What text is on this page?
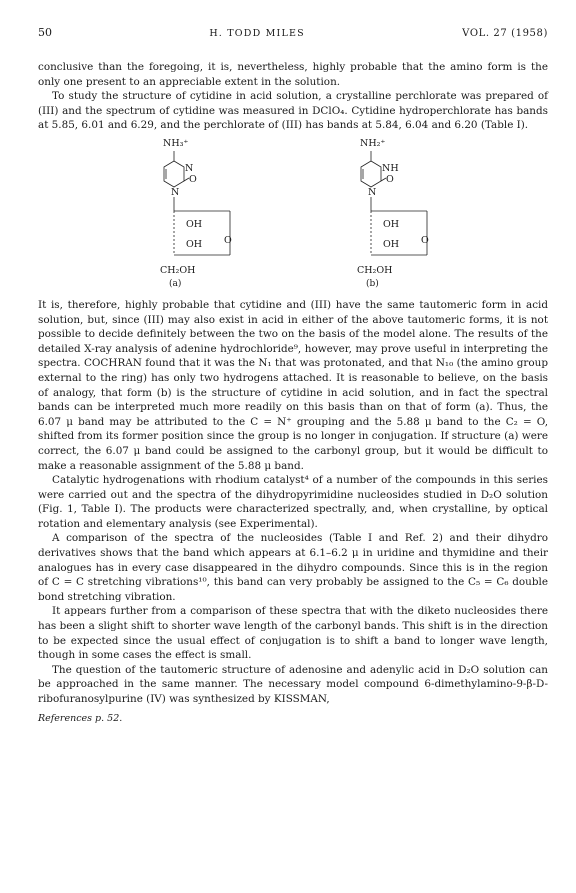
50	H. TODD MILES	VOL. 27 (1958)

conclusive than the foregoing, it is, nevertheless, highly probable that the amino form is the only one present to an appreciable extent in the solution.

To study the structure of cytidine in acid solution, a crystalline perchlorate was prepared of (III) and the spectrum of cytidine was measured in DClO₄. Cytidine hydroperchlorate has bands at 5.85, 6.01 and 6.29, and the perchlorate of (III) has bands at 5.84, 6.04 and 6.20 (Table I).

NH₃⁺
N
O
N
OH
O
OH
CH₂OH
(a)
NH₂⁺
NH
O
N
OH
O
OH
CH₂OH
(b)

It is, therefore, highly probable that cytidine and (III) have the same tautomeric form in acid solution, but, since (III) may also exist in acid in either of the above tautomeric forms, it is not possible to decide definitely between the two on the basis of the model alone. The results of the detailed X-ray analysis of adenine hydrochloride⁹, however, may prove useful in interpreting the spectra. COCHRAN found that it was the N₁ that was protonated, and that N₁₀ (the amino group external to the ring) has only two hydrogens attached. It is reasonable to believe, on the basis of analogy, that form (b) is the structure of cytidine in acid solution, and in fact the spectral bands can be interpreted much more readily on this basis than on that of form (a). Thus, the 6.07 μ band may be attributed to the C = N⁺ grouping and the 5.88 μ band to the C₂ = O, shifted from its former position since the group is no longer in conjugation. If structure (a) were correct, the 6.07 μ band could be assigned to the carbonyl group, but it would be difficult to make a reasonable assignment of the 5.88 μ band.

Catalytic hydrogenations with rhodium catalyst⁴ of a number of the compounds in this series were carried out and the spectra of the dihydropyrimidine nucleosides studied in D₂O solution (Fig. 1, Table I). The products were characterized spectrally, and, when crystalline, by optical rotation and elementary analysis (see Experimental).

A comparison of the spectra of the nucleosides (Table I and Ref. 2) and their dihydro derivatives shows that the band which appears at 6.1–6.2 μ in uridine and thymidine and their analogues has in every case disappeared in the dihydro compounds. Since this is in the region of C = C stretching vibrations¹⁰, this band can very probably be assigned to the C₅ = C₆ double bond stretching vibration.

It appears further from a comparison of these spectra that with the diketo nucleosides there has been a slight shift to shorter wave length of the carbonyl bands. This shift is in the direction to be expected since the usual effect of conjugation is to shift a band to longer wave length, though in some cases the effect is small.

The question of the tautomeric structure of adenosine and adenylic acid in D₂O solution can be approached in the same manner. The necessary model compound 6-dimethylamino-9-β-D-ribofuranosylpurine (IV) was synthesized by KISSMAN,

References p. 52.
